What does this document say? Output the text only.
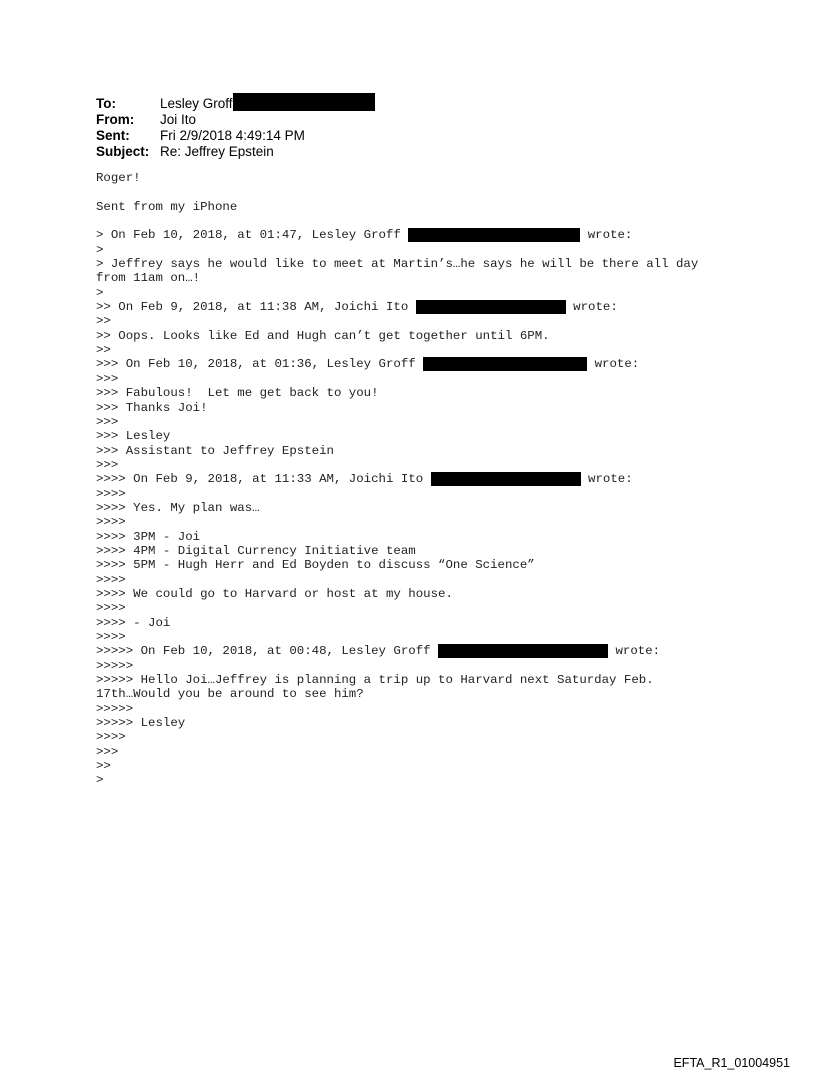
To:	Lesley Groff
From:	Joi Ito
Sent:	Fri 2/9/2018 4:49:14 PM
Subject: Re: Jeffrey Epstein
Roger!
Sent from my iPhone
> On Feb 10, 2018, at 01:47, Lesley Groff	wrote:
>
> Jeffrey says he would like to meet at Martin’s…he says he will be there all day
from 11am on…!
>
>> On Feb 9, 2018, at 11:38 AM, Joichi Ito	wrote:
>>
>> Oops. Looks like Ed and Hugh can’t get together until 6PM.
>>
>>> On Feb 10, 2018, at 01:36, Lesley Groff	wrote:
>>>
>>> Fabulous!  Let me get back to you!
>>> Thanks Joi!
>>>
>>> Lesley
>>> Assistant to Jeffrey Epstein
>>>
>>>> On Feb 9, 2018, at 11:33 AM, Joichi Ito	wrote:
>>>>
>>>> Yes. My plan was…
>>>>
>>>> 3PM - Joi
>>>> 4PM - Digital Currency Initiative team
>>>> 5PM - Hugh Herr and Ed Boyden to discuss “One Science”
>>>>
>>>> We could go to Harvard or host at my house.
>>>>
>>>> - Joi
>>>>
>>>>> On Feb 10, 2018, at 00:48, Lesley Groff	wrote:
>>>>>
>>>>> Hello Joi…Jeffrey is planning a trip up to Harvard next Saturday Feb.
17th…Would you be around to see him?
>>>>>
>>>>> Lesley
>>>>
>>>
>>
>
EFTA_R1_01004951
